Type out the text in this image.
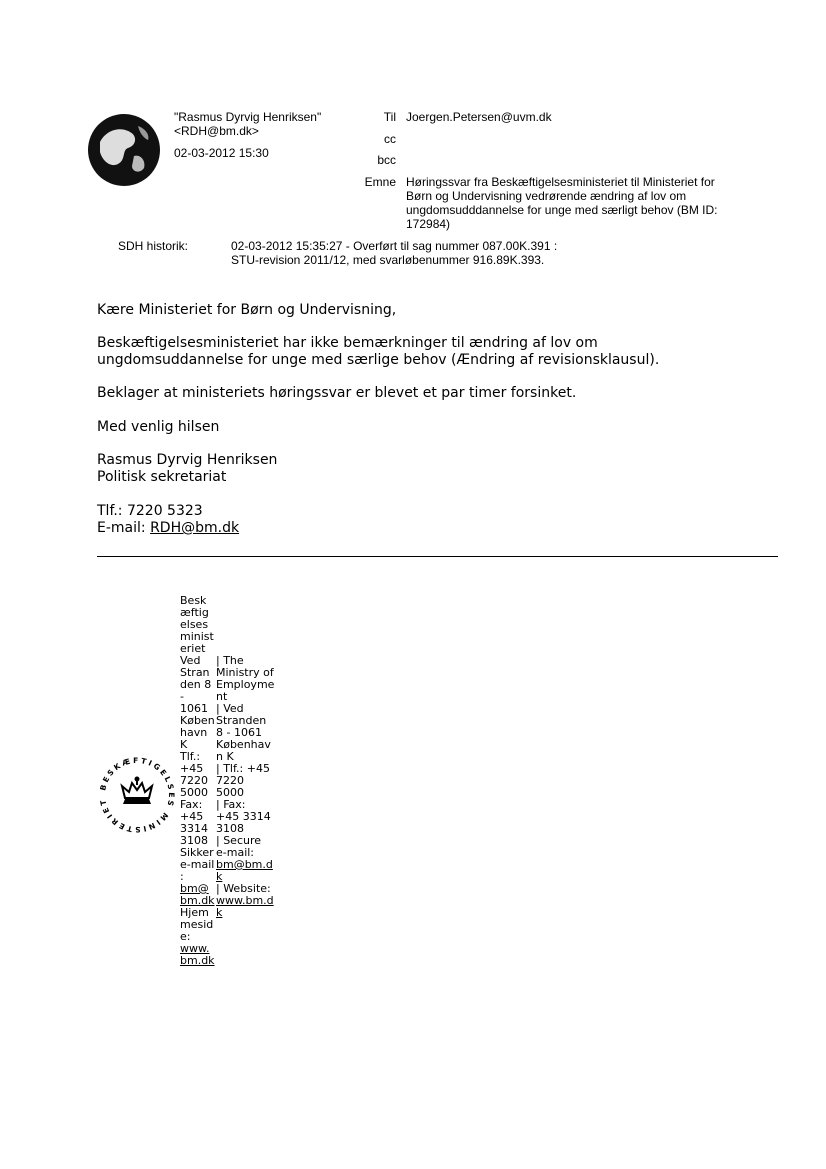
"Rasmus Dyrvig Henriksen"
<RDH@bm.dk>
02-03-2012 15:30
Til Joergen.Petersen@uvm.dk
cc
bcc
Emne Høringssvar fra Beskæftigelsesministeriet til Ministeriet for
Børn og Undervisning vedrørende ændring af lov om
ungdomsudddannelse for unge med særligt behov (BM ID:
172984)
SDH historik:	02-03-2012 15:35:27 - Overført til sag nummer 087.00K.391 :
STU-revision 2011/12, med svarløbenummer 916.89K.393.
Kære Ministeriet for Børn og Undervisning,
Beskæftigelsesministeriet har ikke bemærkninger til ændring af lov om
ungdomsuddannelse for unge med særlige behov (Ændring af revisionsklausul).
Beklager at ministeriets høringssvar er blevet et par timer forsinket.
Med venlig hilsen
Rasmus Dyrvig Henriksen
Politisk sekretariat
Tlf.: 7220 5323
E-mail: RDH@bm.dk
BESKÆFTIGELSES MINISTERIET
Besk
æftig
elses
minist
eriet
Ved
Stran
den 8
-
1061
Køben
havn
K
Tlf.:
+45
7220
5000
Fax:
+45
3314
3108
Sikker
e-mail
:
bm@
bm.dk
Hjem
mesid
e:
www.
bm.dk
| The
Ministry of
Employme
nt
| Ved
Stranden
8 - 1061
Københav
n K
| Tlf.: +45
7220
5000
| Fax:
+45 3314
3108
| Secure
e-mail:
bm@bm.d
k
| Website:
www.bm.d
k
